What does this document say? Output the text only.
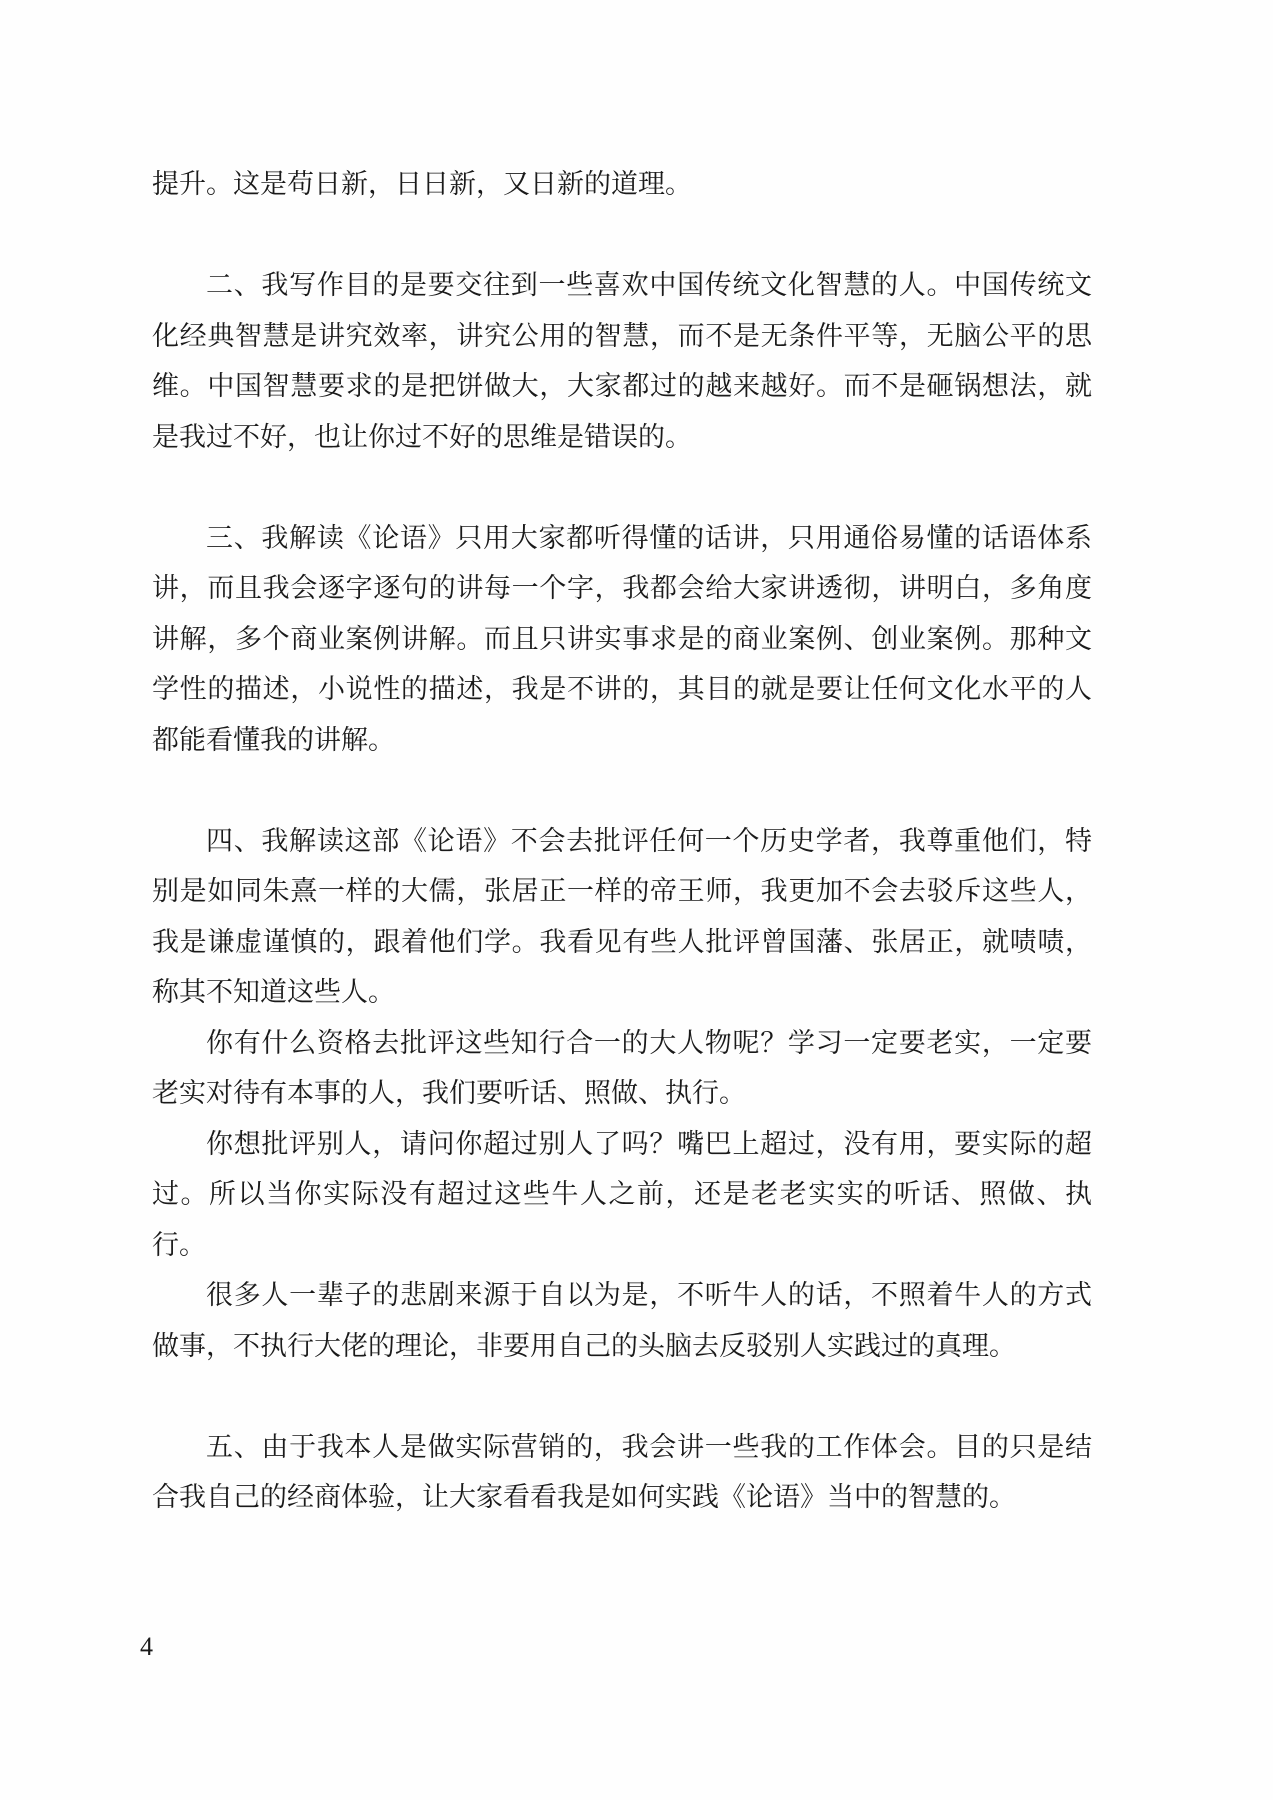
提升。这是苟日新，日日新，又日新的道理。

二、我写作目的是要交往到一些喜欢中国传统文化智慧的人。中国传统文化经典智慧是讲究效率，讲究公用的智慧，而不是无条件平等，无脑公平的思维。中国智慧要求的是把饼做大，大家都过的越来越好。而不是砸锅想法，就是我过不好，也让你过不好的思维是错误的。

三、我解读《论语》只用大家都听得懂的话讲，只用通俗易懂的话语体系讲，而且我会逐字逐句的讲每一个字，我都会给大家讲透彻，讲明白，多角度讲解，多个商业案例讲解。而且只讲实事求是的商业案例、创业案例。那种文学性的描述，小说性的描述，我是不讲的，其目的就是要让任何文化水平的人都能看懂我的讲解。

四、我解读这部《论语》不会去批评任何一个历史学者，我尊重他们，特别是如同朱熹一样的大儒，张居正一样的帝王师，我更加不会去驳斥这些人，我是谦虚谨慎的，跟着他们学。我看见有些人批评曾国藩、张居正，就啧啧，称其不知道这些人。

你有什么资格去批评这些知行合一的大人物呢？学习一定要老实，一定要老实对待有本事的人，我们要听话、照做、执行。

你想批评别人，请问你超过别人了吗？嘴巴上超过，没有用，要实际的超过。所以当你实际没有超过这些牛人之前，还是老老实实的听话、照做、执行。

很多人一辈子的悲剧来源于自以为是，不听牛人的话，不照着牛人的方式做事，不执行大佬的理论，非要用自己的头脑去反驳别人实践过的真理。

五、由于我本人是做实际营销的，我会讲一些我的工作体会。目的只是结合我自己的经商体验，让大家看看我是如何实践《论语》当中的智慧的。

4
